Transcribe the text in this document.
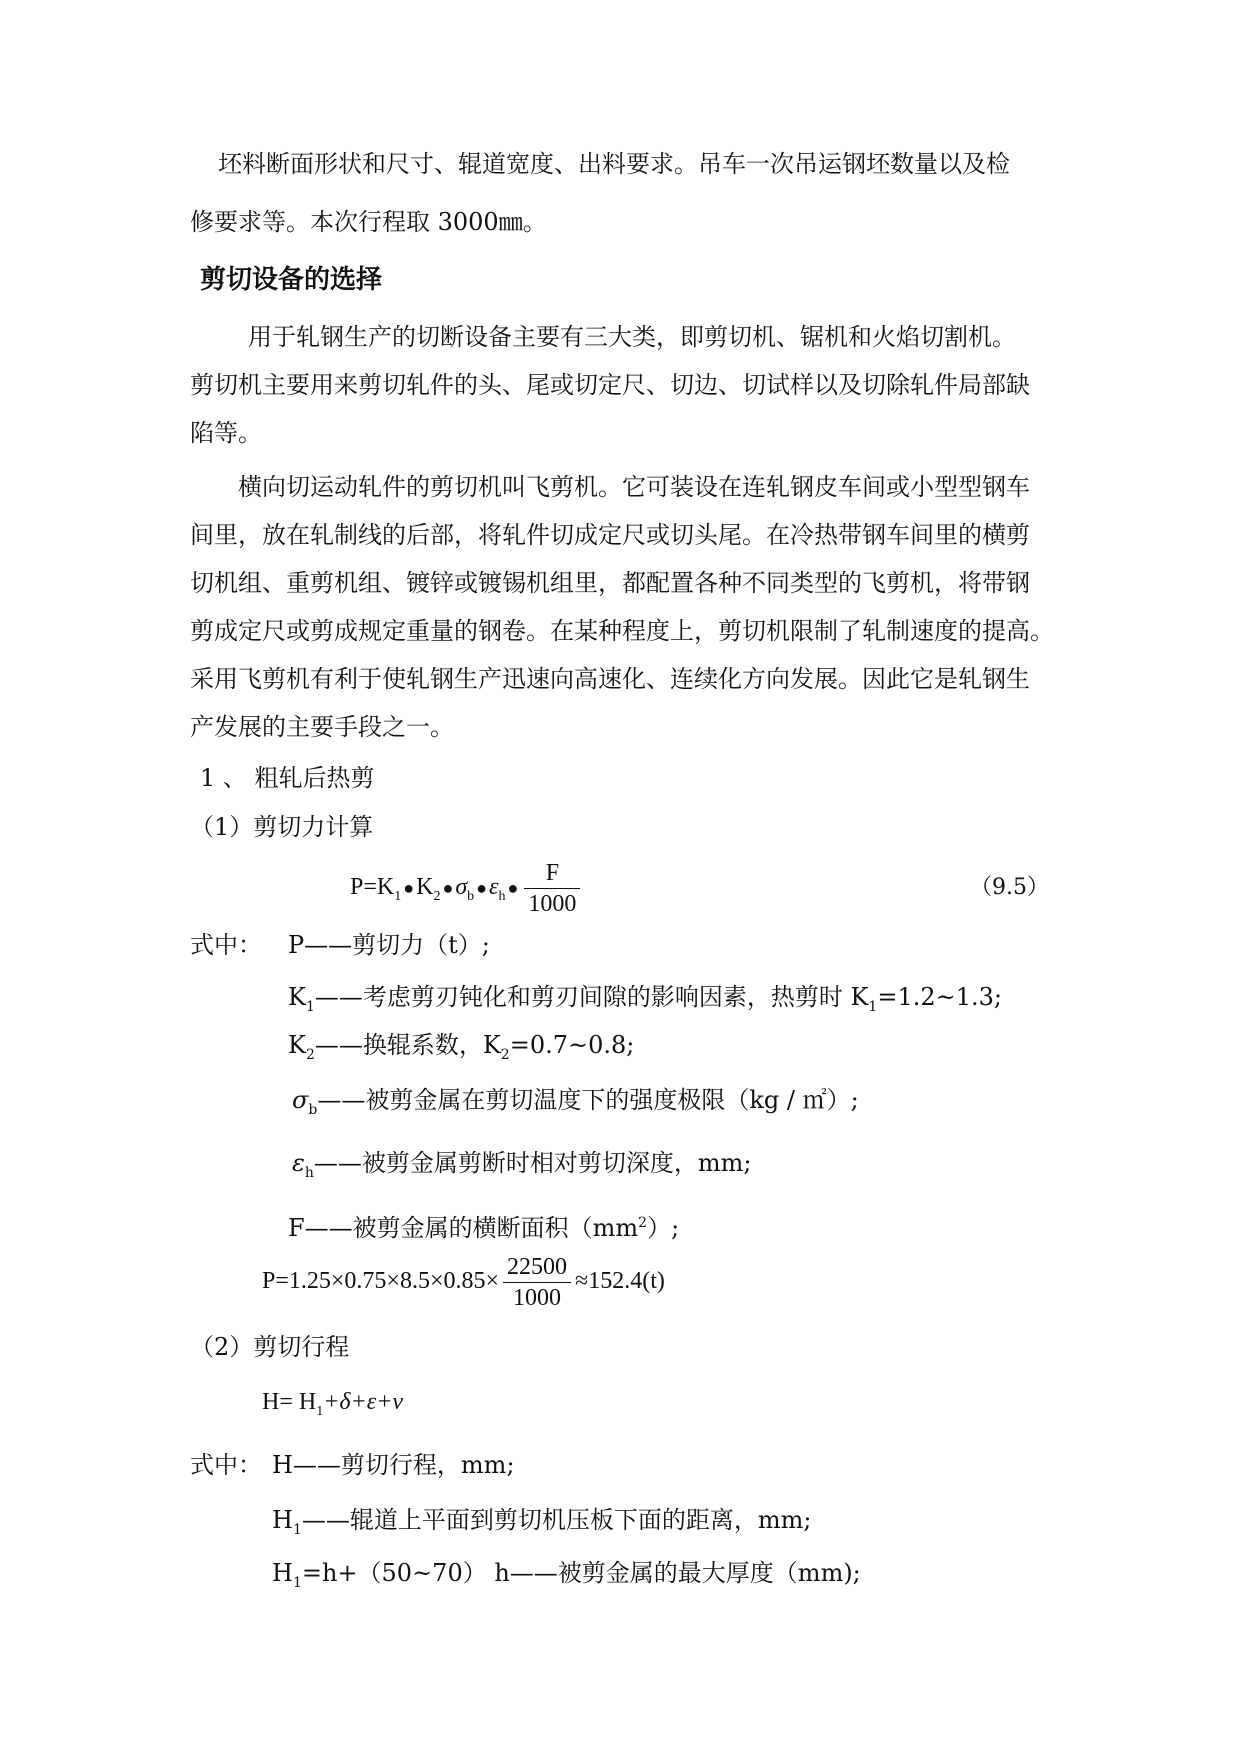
坯料断面形状和尺寸、辊道宽度、出料要求。吊车一次吊运钢坯数量以及检
修要求等。本次行程取 3000㎜。
剪切设备的选择
用于轧钢生产的切断设备主要有三大类，即剪切机、锯机和火焰切割机。
剪切机主要用来剪切轧件的头、尾或切定尺、切边、切试样以及切除轧件局部缺
陷等。
横向切运动轧件的剪切机叫飞剪机。它可装设在连轧钢皮车间或小型型钢车
间里，放在轧制线的后部，将轧件切成定尺或切头尾。在冷热带钢车间里的横剪
切机组、重剪机组、镀锌或镀锡机组里，都配置各种不同类型的飞剪机，将带钢
剪成定尺或剪成规定重量的钢卷。在某种程度上，剪切机限制了轧制速度的提高。
采用飞剪机有利于使轧钢生产迅速向高速化、连续化方向发展。因此它是轧钢生
产发展的主要手段之一。
1 、 粗轧后热剪
（1）剪切力计算
$P=K_1$ $●K_2$ $●\sigma_b$ $●\varepsilon_h$ ● $\frac{F}{1000}$	（9.5）
式中： P——剪切力（t）;
$K_1——$考虑剪刃钝化和剪刃间隙的影响因素，热剪时 $K_1=1.2\sim 1.3$;
$K_2——$换辊系数，$K_2=0.7\sim 0.8$;
$\sigma_b——$被剪金属在剪切温度下的强度极限（kg / ㎡）;
$\varepsilon_h——$被剪金属剪断时相对剪切深度，mm;
F——被剪金属的横断面积$(mm^2)$;
$P=1.25\times 0.75\times 8.5\times 0.85\times \frac{22500}{1000} \approx 152.4(t)$
（2）剪切行程
$H= H_1+\delta+\varepsilon+v$
式中： H——剪切行程，mm;
$H_1——$辊道上平面到剪切机压板下面的距离，mm;
$H_1=h+(50\sim 70)$ h——被剪金属的最大厚度（mm);
